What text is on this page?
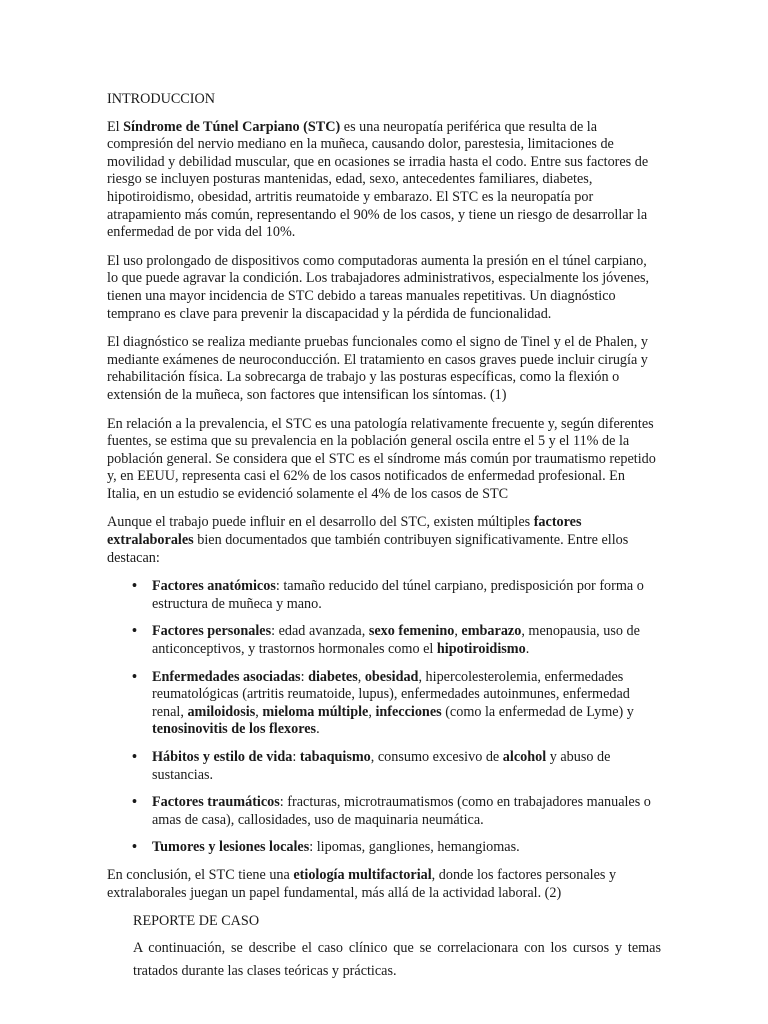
INTRODUCCION

El Síndrome de Túnel Carpiano (STC) es una neuropatía periférica que resulta de la compresión del nervio mediano en la muñeca, causando dolor, parestesia, limitaciones de movilidad y debilidad muscular, que en ocasiones se irradia hasta el codo. Entre sus factores de riesgo se incluyen posturas mantenidas, edad, sexo, antecedentes familiares, diabetes, hipotiroidismo, obesidad, artritis reumatoide y embarazo. El STC es la neuropatía por atrapamiento más común, representando el 90% de los casos, y tiene un riesgo de desarrollar la enfermedad de por vida del 10%.

El uso prolongado de dispositivos como computadoras aumenta la presión en el túnel carpiano, lo que puede agravar la condición. Los trabajadores administrativos, especialmente los jóvenes, tienen una mayor incidencia de STC debido a tareas manuales repetitivas. Un diagnóstico temprano es clave para prevenir la discapacidad y la pérdida de funcionalidad.

El diagnóstico se realiza mediante pruebas funcionales como el signo de Tinel y el de Phalen, y mediante exámenes de neuroconducción. El tratamiento en casos graves puede incluir cirugía y rehabilitación física. La sobrecarga de trabajo y las posturas específicas, como la flexión o extensión de la muñeca, son factores que intensifican los síntomas. (1)

En relación a la prevalencia, el STC es una patología relativamente frecuente y, según diferentes fuentes, se estima que su prevalencia en la población general oscila entre el 5 y el 11% de la población general. Se considera que el STC es el síndrome más común por traumatismo repetido y, en EEUU, representa casi el 62% de los casos notificados de enfermedad profesional. En Italia, en un estudio se evidenció solamente el 4% de los casos de STC

Aunque el trabajo puede influir en el desarrollo del STC, existen múltiples factores extralaborales bien documentados que también contribuyen significativamente. Entre ellos destacan:

• Factores anatómicos: tamaño reducido del túnel carpiano, predisposición por forma o estructura de muñeca y mano.
• Factores personales: edad avanzada, sexo femenino, embarazo, menopausia, uso de anticonceptivos, y trastornos hormonales como el hipotiroidismo.
• Enfermedades asociadas: diabetes, obesidad, hipercolesterolemia, enfermedades reumatológicas (artritis reumatoide, lupus), enfermedades autoinmunes, enfermedad renal, amiloidosis, mieloma múltiple, infecciones (como la enfermedad de Lyme) y tenosinovitis de los flexores.
• Hábitos y estilo de vida: tabaquismo, consumo excesivo de alcohol y abuso de sustancias.
• Factores traumáticos: fracturas, microtraumatismos (como en trabajadores manuales o amas de casa), callosidades, uso de maquinaria neumática.
• Tumores y lesiones locales: lipomas, gangliones, hemangiomas.

En conclusión, el STC tiene una etiología multifactorial, donde los factores personales y extralaborales juegan un papel fundamental, más allá de la actividad laboral. (2)

REPORTE DE CASO

A continuación, se describe el caso clínico que se correlacionara con los cursos y temas tratados durante las clases teóricas y prácticas.
